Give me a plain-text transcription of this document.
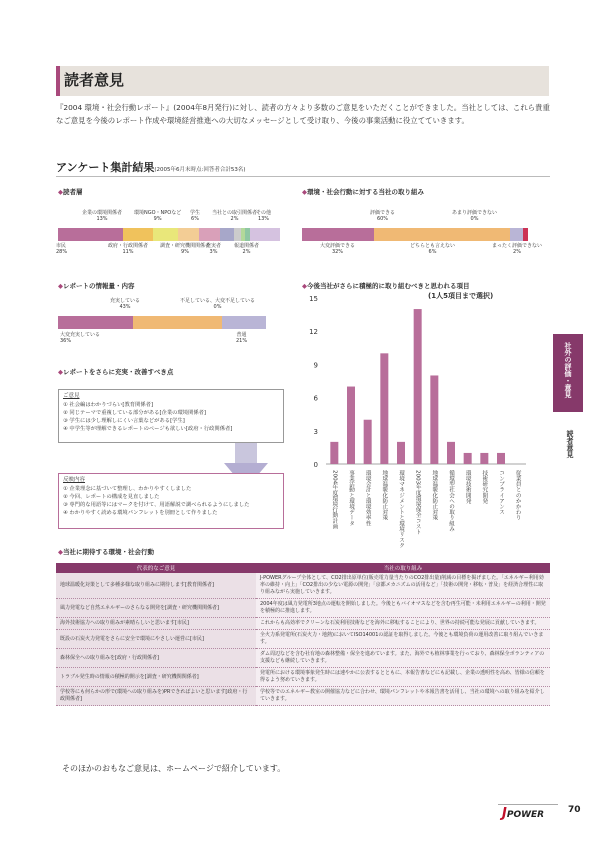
読者意見
『2004 環境・社会行動レポート』(2004年8月発行)に対し、読者の方々より多数のご意見をいただくことができました。当社としては、これら貴重なご意見を今後のレポート作成や環境経営推進への大切なメッセージとして受け取り、今後の事業活動に役立てていきます。
アンケート集計結果(2005年6月末時点:回答者合計53名)
◆読者層
企業の環境関係者
13%
環境NGO・NPOなど
9%
学生
6%
当社との取引関係者
2%
その他
13%
市民
28%
政府・行政関係者
11%
調査・研究機関関係者
9%
充実者
3%
報道関係者
2%
◆環境・社会行動に対する当社の取り組み
評価できる
60%
あまり評価できない
0%
大変評価できる
32%
どちらとも言えない
6%
まったく評価できない
2%
◆レポートの情報量・内容
充実している
43%
不足している、大変不足している
0%
大変充実している
36%
普通
21%
◆レポートをさらに充実・改善すべき点
ご意見
① 社会編はわかりづらい[教育関係者]
② 同じテーマで重複している部分がある[企業の環境関係者]
③ 学生には少し理解しにくい言葉などがある[学生]
④ 中学生等が理解できるレポートのページも欲しい[政府・行政関係者]
反映内容
① 企業理念に基づいて整理し、わかりやすくしました
② 今回、レポートの構成を見直しました
③ 専門的な用語等にはマークを付けて、用語解説で調べられるようにしました
④ わかりやすく読める環境パンフレットを別冊として作りました
◆今後当社がさらに積極的に取り組むべきと思われる項目
(1人5項目まで選択)
0
3
6
9
12
15
2004年度環境行動計画 事業活動と環境データ 環境会計と環境効率性 地球温暖化防止対策 環境マネジメントと環境リスク 2003年度環境保全コスト 地球温暖化防止対策 循環型社会への取り組み 環境技術開発 技術研究開発 コンプライアンス 従業員とのかかわり
社外の評価・意見
読者意見
◆当社に期待する環境・社会行動
代表的なご意見	当社の取り組み
地球温暖化対策として多種多様な取り組みに期待します[教育関係者]	J-POWERグループ全体として、CO2排出原単位(販売電力量当たりのCO2排出量)削減の目標を掲げました。「エネルギー利用効率の維持・向上」「CO2排出の少ない電源の開発」「京都メカニズムの活用など」「技術の開発・移転・普及」を経済合理性に取り組みながら実施していきます。
風力発電など自然エネルギーのさらなる開発を[調査・研究機関関係者]	2004年度は風力発電所3地点の運転を開始しました。今後ともバイオマスなどを含む再生可能・未利用エネルギーの利用・開発を積極的に推進します。
海外技術協力への取り組みが素晴らしいと思います[市民]	これからも高効率でクリーンな石炭利用技術などを海外に移転することにより、世界の持続可能な発展に貢献していきます。
既設の石炭火力発電をさらに安全で環境にやさしい運営に[市民]	全火力系発電所(石炭火力・地熱)においてISO14001の認証を取得しました。今後とも環境負荷の運用改善に取り組んでいきます。
森林保全への取り組みを[政府・行政関係者]	ダム周辺などを含む社有地の森林整備・保全を進めています。また、海外でも植林事業を行っており、森林保全ボランティアの支援なども継続していきます。
トラブル発生時の情報の積極的開示を[調査・研究機関関係者]	発電所における環境事象発生時には速やかに公表するとともに、本報告書などにも記載し、企業の透明性を高め、皆様の信頼を得るよう努めていきます。
学校等にも何らかの形で(環境への取り組みを)PRできればよいと思います[政府・行政関係者]	学校等でのエネルギー教室の開催協力などに合わせ、環境パンフレットや本報告書を活用し、当社の環境への取り組みを紹介していきます。
そのほかのおもなご意見は、ホームページで紹介しています。
JPOWER	70
